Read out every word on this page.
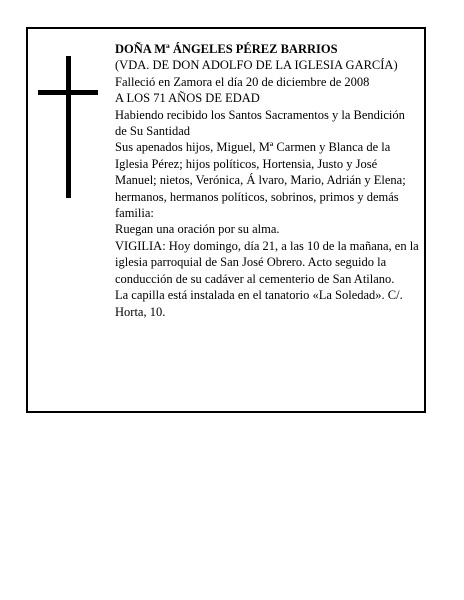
DOÑA Mª ÁNGELES PÉREZ BARRIOS

(VDA. DE DON ADOLFO DE LA IGLESIA GARCÍA)

Falleció en Zamora el día 20 de diciembre de 2008

A LOS 71 AÑOS DE EDAD

Habiendo recibido los Santos Sacramentos y la Bendición de Su Santidad

Sus apenados hijos, Miguel, Mª Carmen y Blanca de la Iglesia Pérez; hijos políticos, Hortensia, Justo y José Manuel; nietos, Verónica, Á lvaro, Mario, Adrián y Elena; hermanos, hermanos políticos, sobrinos, primos y demás familia:

Ruegan una oración por su alma.

VIGILIA: Hoy domingo, día 21, a las 10 de la mañana, en la iglesia parroquial de San José Obrero. Acto seguido la conducción de su cadáver al cementerio de San Atilano.

La capilla está instalada en el tanatorio «La Soledad». C/. Horta, 10.
